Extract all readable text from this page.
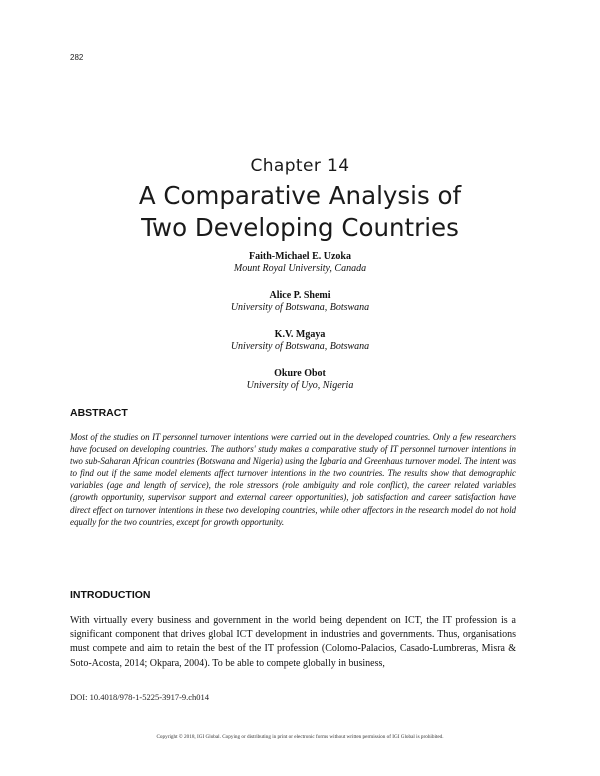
282
Chapter 14
A Comparative Analysis of
Two Developing Countries
Faith-Michael E. Uzoka
Mount Royal University, Canada
Alice P. Shemi
University of Botswana, Botswana
K.V. Mgaya
University of Botswana, Botswana
Okure Obot
University of Uyo, Nigeria
ABSTRACT

Most of the studies on IT personnel turnover intentions were carried out in the developed countries. Only a few researchers have focused on developing countries. The authors' study makes a comparative study of IT personnel turnover intentions in two sub-Saharan African countries (Botswana and Nigeria) using the Igbaria and Greenhaus turnover model. The intent was to find out if the same model elements affect turnover intentions in the two countries. The results show that demographic variables (age and length of service), the role stressors (role ambiguity and role conflict), the career related variables (growth opportunity, supervisor support and external career opportunities), job satisfaction and career satisfaction have direct effect on turnover intentions in these two developing countries, while other affectors in the research model do not hold equally for the two countries, except for growth opportunity.

INTRODUCTION

With virtually every business and government in the world being dependent on ICT, the IT profession is a significant component that drives global ICT development in industries and governments. Thus, organisations must compete and aim to retain the best of the IT profession (Colomo-Palacios, Casado-Lumbreras, Misra & Soto-Acosta, 2014; Okpara, 2004). To be able to compete globally in business,

DOI: 10.4018/978-1-5225-3917-9.ch014
Copyright © 2018, IGI Global. Copying or distributing in print or electronic forms without written permission of IGI Global is prohibited.
